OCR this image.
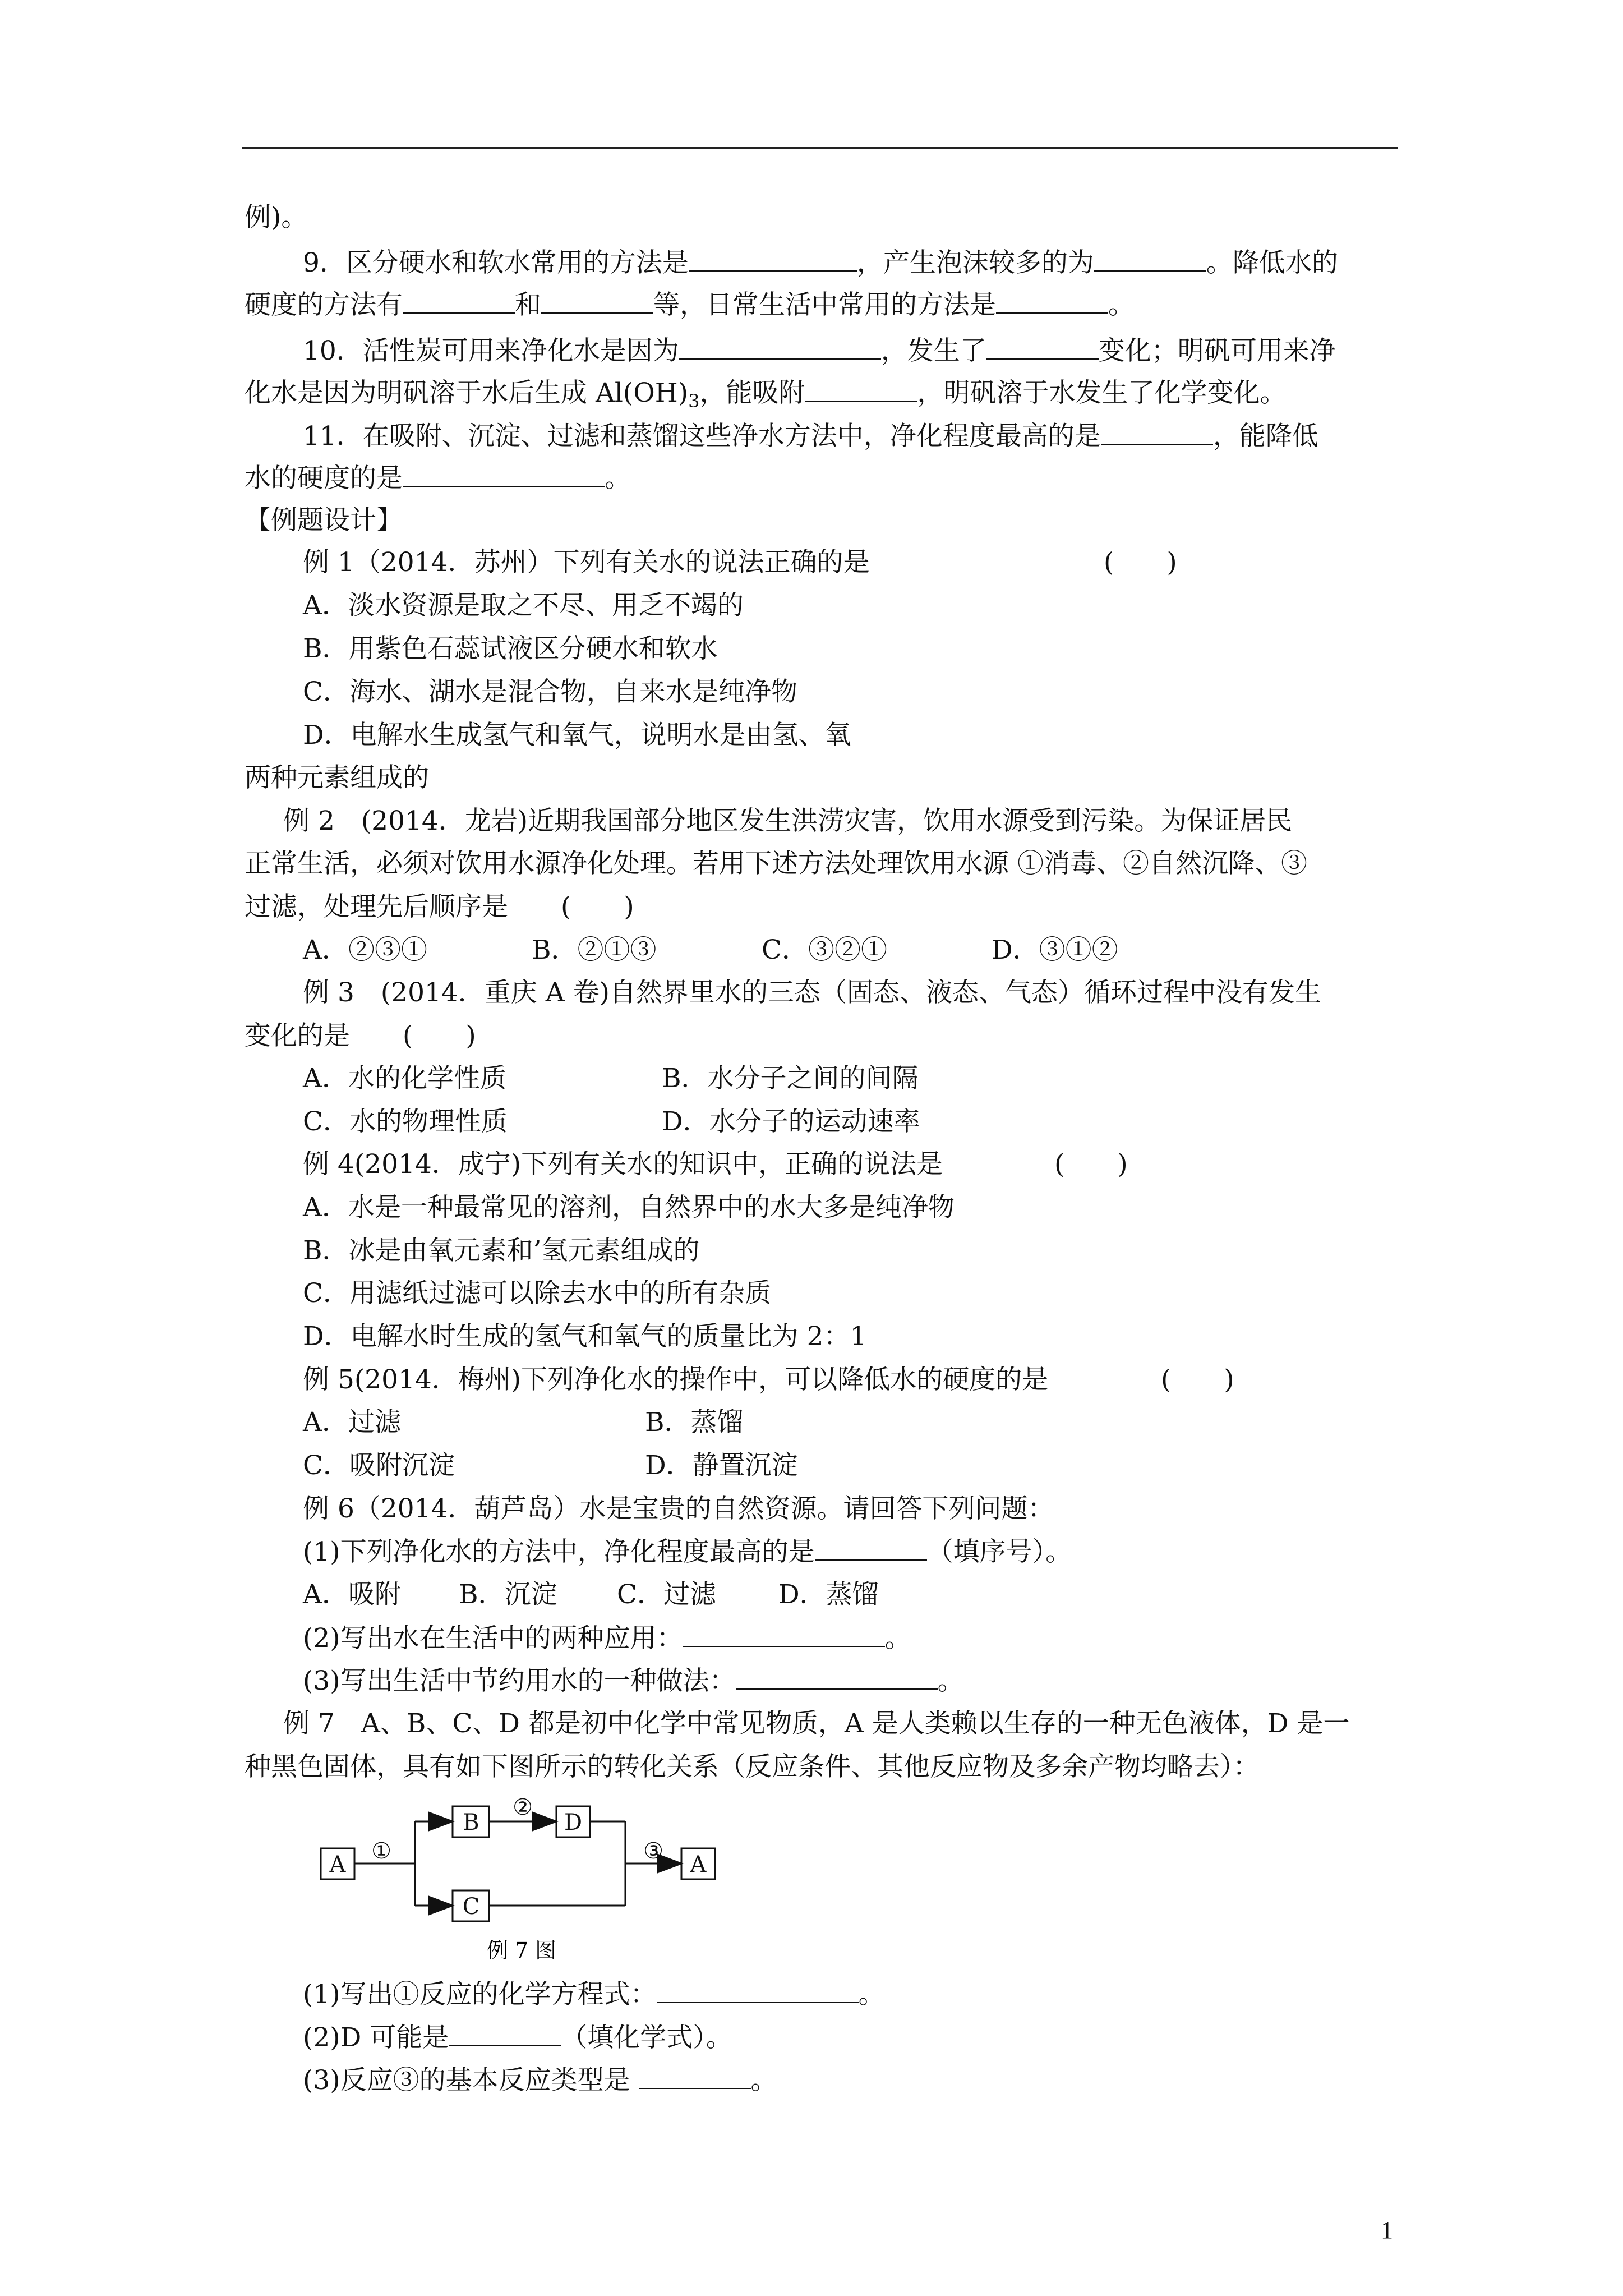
例)。
9．区分硬水和软水常用的方法是	，产生泡沫较多的为	。降低水的
硬度的方法有	和	等，日常生活中常用的方法是	。
10．活性炭可用来净化水是因为	，发生了	变化；明矾可用来净
化水是因为明矾溶于水后生成 $Al(OH)_3$，能吸附	，明矾溶于水发生了化学变化。
11．在吸附、沉淀、过滤和蒸馏这些净水方法中，净化程度最高的是	，能降低
水的硬度的是	。
【例题设计】
例 1（2014．苏州）下列有关水的说法正确的是	(　　)
A．淡水资源是取之不尽、用乏不竭的
B．用紫色石蕊试液区分硬水和软水
C．海水、湖水是混合物，自来水是纯净物
D．电解水生成氢气和氧气，说明水是由氢、氧
两种元素组成的
例 2　(2014．龙岩)近期我国部分地区发生洪涝灾害，饮用水源受到污染。为保证居民
正常生活，必须对饮用水源净化处理。若用下述方法处理饮用水源 ①消毒、②自然沉降、③
过滤，处理先后顺序是　　(　　)
A．②③①	B．②①③	C．③②①	D．③①②
例 3　(2014．重庆 A 卷)自然界里水的三态（固态、液态、气态）循环过程中没有发生
变化的是　　(　　)
A．水的化学性质	B．水分子之间的间隔
C．水的物理性质	D．水分子的运动速率
例 4(2014．成宁)下列有关水的知识中，正确的说法是	(　　)
A．水是一种最常见的溶剂，自然界中的水大多是纯净物
B．冰是由氧元素和’氢元素组成的
C．用滤纸过滤可以除去水中的所有杂质
D．电解水时生成的氢气和氧气的质量比为 2：1
例 5(2014．梅州)下列净化水的操作中，可以降低水的硬度的是	(　　)
A．过滤	B．蒸馏
C．吸附沉淀	D．静置沉淀
例 6（2014．葫芦岛）水是宝贵的自然资源。请回答下列问题：
(1)下列净化水的方法中，净化程度最高的是	（填序号）。
A．吸附 B．沉淀 C．过滤 D．蒸馏
(2)写出水在生活中的两种应用：	。
(3)写出生活中节约用水的一种做法：	。
例 7　A、B、C、D 都是初中化学中常见物质，A 是人类赖以生存的一种无色液体，D 是一
种黑色固体，具有如下图所示的转化关系（反应条件、其他反应物及多余产物均略去）：
A
B	D
C
A
①
②
③
例 7 图
(1)写出①反应的化学方程式：	。
(2)D 可能是	（填化学式）。
(3)反应③的基本反应类型是	。
1
